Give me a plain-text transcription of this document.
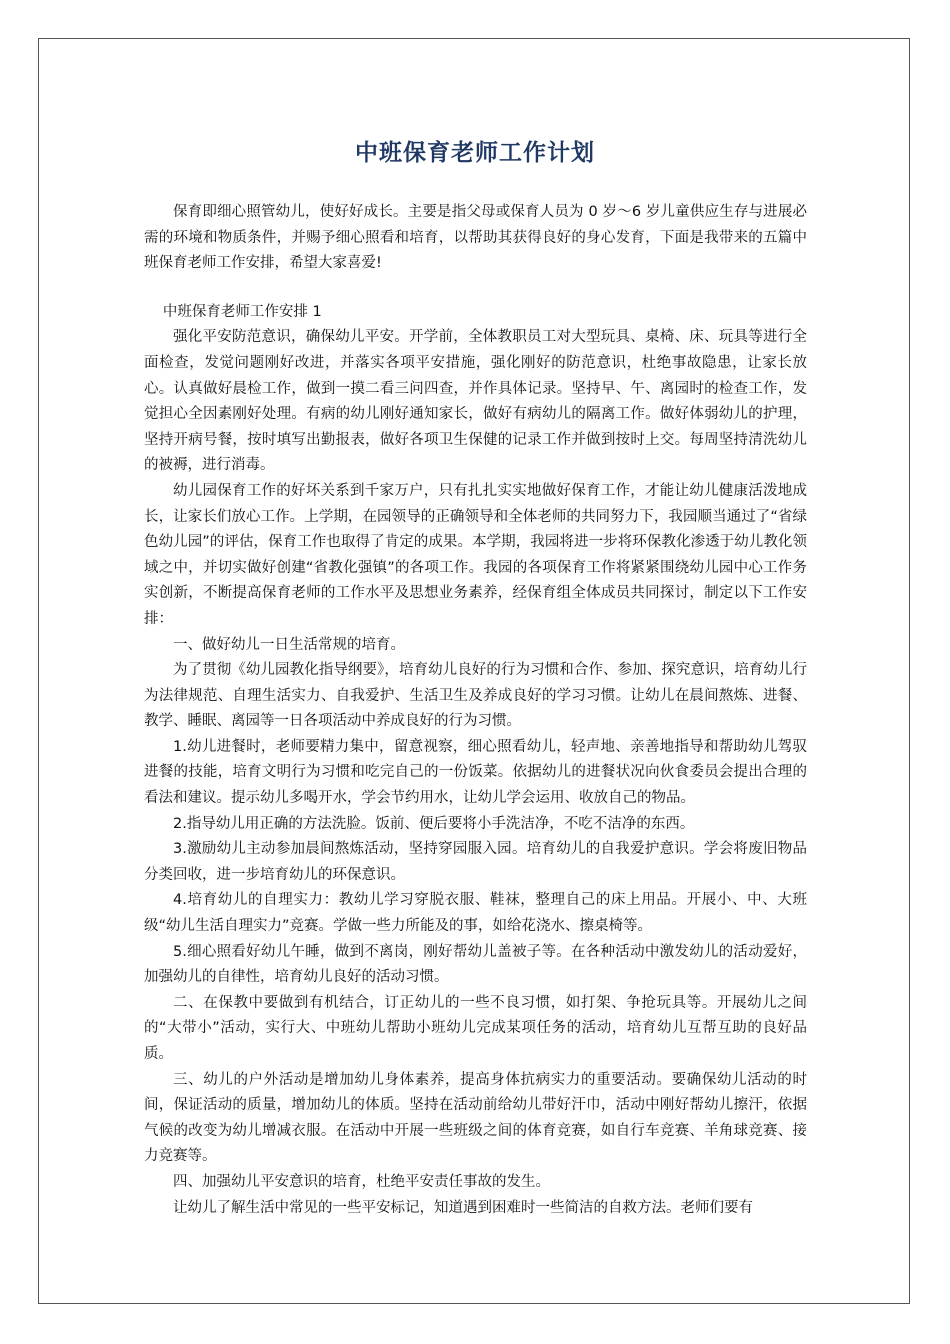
中班保育老师工作计划

保育即细心照管幼儿，使好好成长。主要是指父母或保育人员为 0 岁～6 岁儿童供应生存与进展必需的环境和物质条件，并赐予细心照看和培育，以帮助其获得良好的身心发育，下面是我带来的五篇中班保育老师工作安排，希望大家喜爱!

中班保育老师工作安排 1

强化平安防范意识，确保幼儿平安。开学前，全体教职员工对大型玩具、桌椅、床、玩具等进行全面检查，发觉问题刚好改进，并落实各项平安措施，强化刚好的防范意识，杜绝事故隐患，让家长放心。认真做好晨检工作，做到一摸二看三问四查，并作具体记录。坚持早、午、离园时的检查工作，发觉担心全因素刚好处理。有病的幼儿刚好通知家长，做好有病幼儿的隔离工作。做好体弱幼儿的护理，坚持开病号餐，按时填写出勤报表，做好各项卫生保健的记录工作并做到按时上交。每周坚持清洗幼儿的被褥，进行消毒。

幼儿园保育工作的好坏关系到千家万户，只有扎扎实实地做好保育工作，才能让幼儿健康活泼地成长，让家长们放心工作。上学期，在园领导的正确领导和全体老师的共同努力下，我园顺当通过了“省绿色幼儿园”的评估，保育工作也取得了肯定的成果。本学期，我园将进一步将环保教化渗透于幼儿教化领域之中，并切实做好创建“省教化强镇”的各项工作。我园的各项保育工作将紧紧围绕幼儿园中心工作务实创新，不断提高保育老师的工作水平及思想业务素养，经保育组全体成员共同探讨，制定以下工作安排：

一、做好幼儿一日生活常规的培育。

为了贯彻《幼儿园教化指导纲要》，培育幼儿良好的行为习惯和合作、参加、探究意识，培育幼儿行为法律规范、自理生活实力、自我爱护、生活卫生及养成良好的学习习惯。让幼儿在晨间熬炼、进餐、教学、睡眠、离园等一日各项活动中养成良好的行为习惯。

1.幼儿进餐时，老师要精力集中，留意视察，细心照看幼儿，轻声地、亲善地指导和帮助幼儿驾驭进餐的技能，培育文明行为习惯和吃完自己的一份饭菜。依据幼儿的进餐状况向伙食委员会提出合理的看法和建议。提示幼儿多喝开水，学会节约用水，让幼儿学会运用、收放自己的物品。

2.指导幼儿用正确的方法洗脸。饭前、便后要将小手洗洁净，不吃不洁净的东西。

3.激励幼儿主动参加晨间熬炼活动，坚持穿园服入园。培育幼儿的自我爱护意识。学会将废旧物品分类回收，进一步培育幼儿的环保意识。

4.培育幼儿的自理实力：教幼儿学习穿脱衣服、鞋袜，整理自己的床上用品。开展小、中、大班级“幼儿生活自理实力”竞赛。学做一些力所能及的事，如给花浇水、擦桌椅等。

5.细心照看好幼儿午睡，做到不离岗，刚好帮幼儿盖被子等。在各种活动中激发幼儿的活动爱好，加强幼儿的自律性，培育幼儿良好的活动习惯。

二、在保教中要做到有机结合，订正幼儿的一些不良习惯，如打架、争抢玩具等。开展幼儿之间的“大带小”活动，实行大、中班幼儿帮助小班幼儿完成某项任务的活动，培育幼儿互帮互助的良好品质。

三、幼儿的户外活动是增加幼儿身体素养，提高身体抗病实力的重要活动。要确保幼儿活动的时间，保证活动的质量，增加幼儿的体质。坚持在活动前给幼儿带好汗巾，活动中刚好帮幼儿擦汗，依据气候的改变为幼儿增减衣服。在活动中开展一些班级之间的体育竞赛，如自行车竞赛、羊角球竞赛、接力竞赛等。

四、加强幼儿平安意识的培育，杜绝平安责任事故的发生。

让幼儿了解生活中常见的一些平安标记，知道遇到困难时一些简洁的自救方法。老师们要有
